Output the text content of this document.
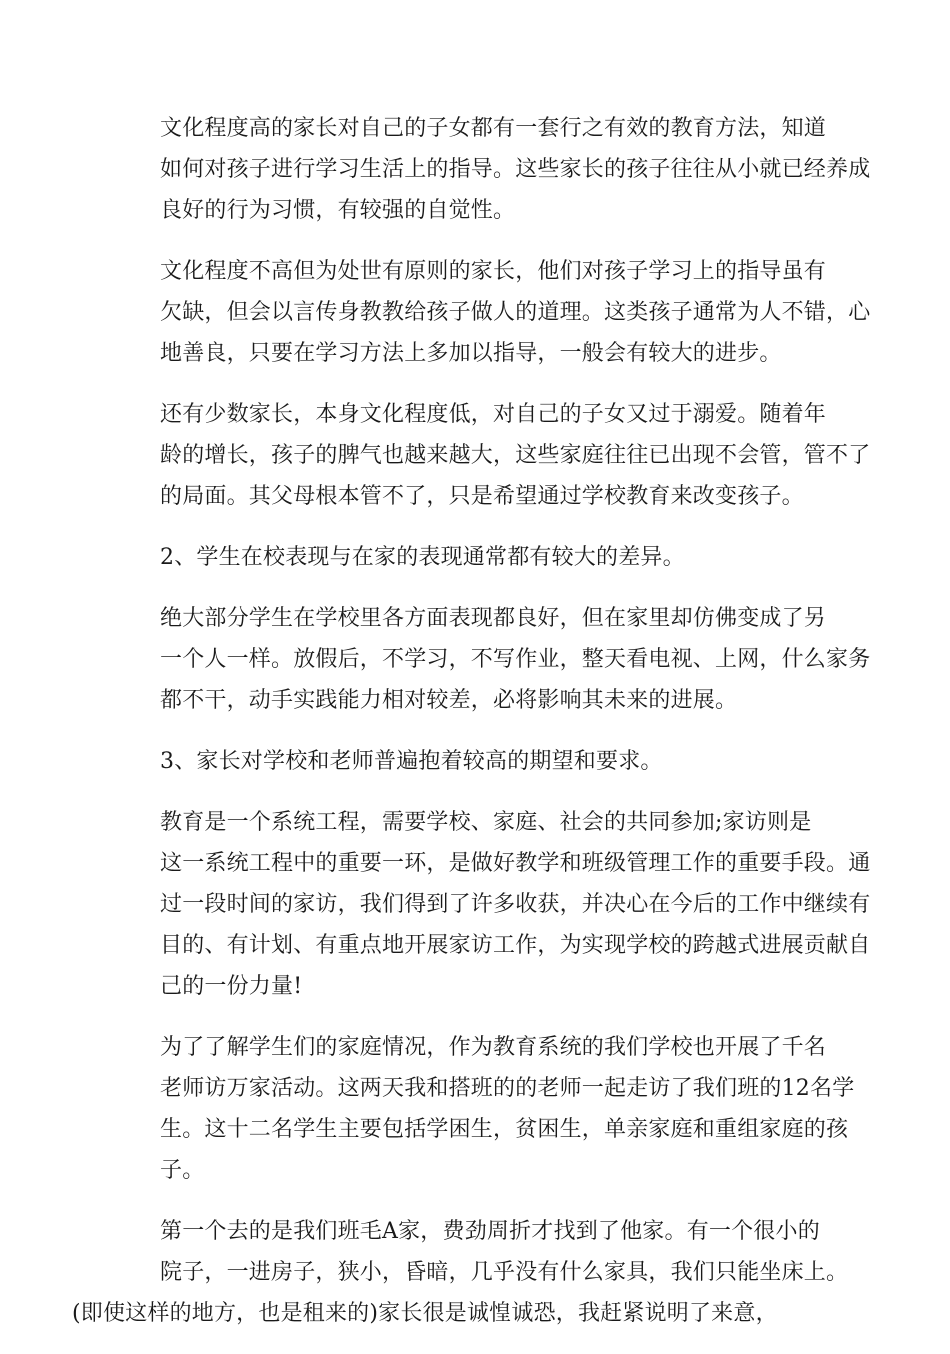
文化程度高的家长对自己的子女都有一套行之有效的教育方法，知道
如何对孩子进行学习生活上的指导。这些家长的孩子往往从小就已经养成
良好的行为习惯，有较强的自觉性。

文化程度不高但为处世有原则的家长，他们对孩子学习上的指导虽有
欠缺，但会以言传身教教给孩子做人的道理。这类孩子通常为人不错，心
地善良，只要在学习方法上多加以指导，一般会有较大的进步。

还有少数家长，本身文化程度低，对自己的子女又过于溺爱。随着年
龄的增长，孩子的脾气也越来越大，这些家庭往往已出现不会管，管不了
的局面。其父母根本管不了，只是希望通过学校教育来改变孩子。

2、学生在校表现与在家的表现通常都有较大的差异。

绝大部分学生在学校里各方面表现都良好，但在家里却仿佛变成了另
一个人一样。放假后，不学习，不写作业，整天看电视、上网，什么家务
都不干，动手实践能力相对较差，必将影响其未来的进展。

3、家长对学校和老师普遍抱着较高的期望和要求。

教育是一个系统工程，需要学校、家庭、社会的共同参加;家访则是
这一系统工程中的重要一环，是做好教学和班级管理工作的重要手段。通
过一段时间的家访，我们得到了许多收获，并决心在今后的工作中继续有
目的、有计划、有重点地开展家访工作，为实现学校的跨越式进展贡献自
己的一份力量!

为了了解学生们的家庭情况，作为教育系统的我们学校也开展了千名
老师访万家活动。这两天我和搭班的的老师一起走访了我们班的12名学
生。这十二名学生主要包括学困生，贫困生，单亲家庭和重组家庭的孩
子。

第一个去的是我们班毛A家，费劲周折才找到了他家。有一个很小的
院子，一进房子，狭小，昏暗，几乎没有什么家具，我们只能坐床上。
(即使这样的地方，也是租来的)家长很是诚惶诚恐，我赶紧说明了来意，
